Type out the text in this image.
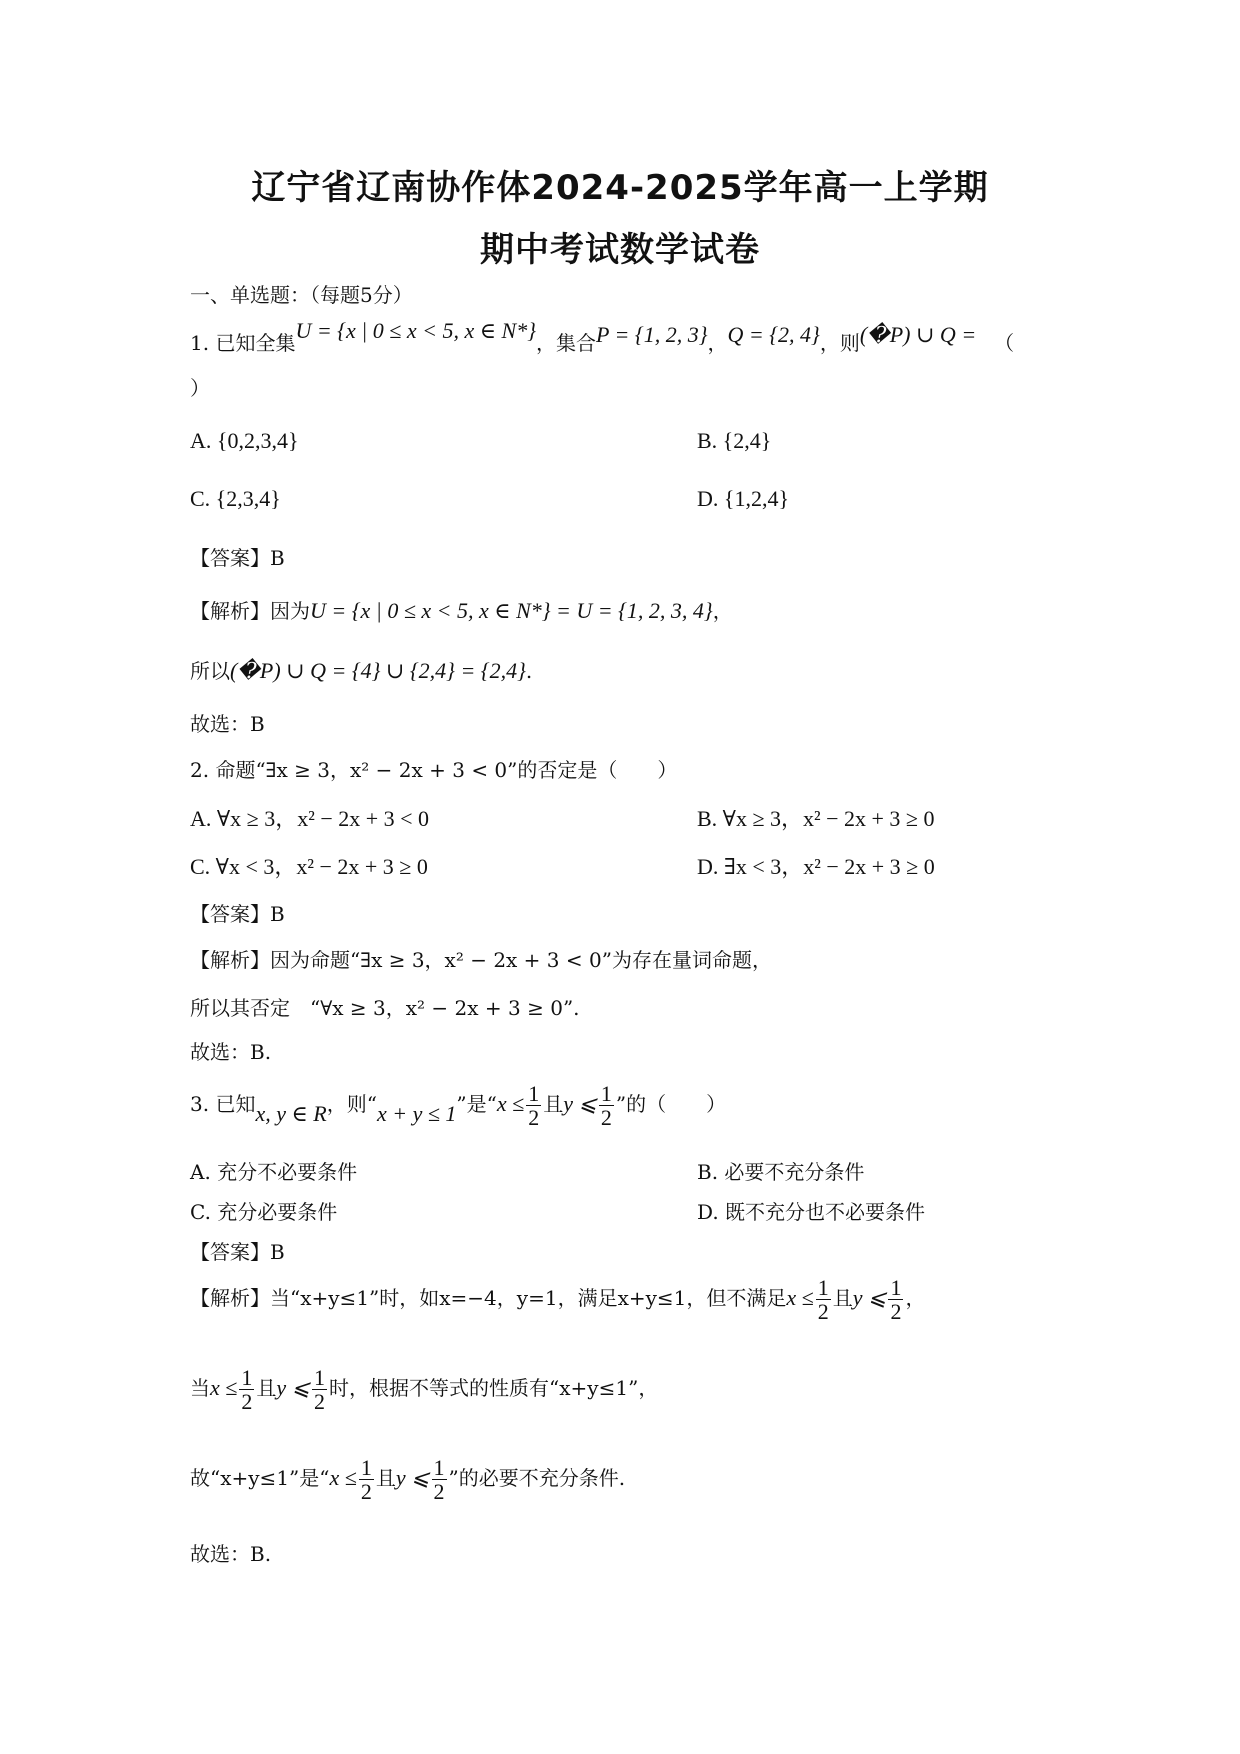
辽宁省辽南协作体2024-2025学年高一上学期
期中考试数学试卷
一、单选题：（每题5分）
1. 已知全集U = {x | 0 ≤ x < 5, x ∈ N*}，集合P = {1, 2, 3}，Q = {2, 4}，则(�P) ∪ Q = （
）
A. {0,2,3,4}	B. {2,4}
C. {2,3,4}	D. {1,2,4}
【答案】B
【解析】因为U = {x | 0 ≤ x < 5, x ∈ N*} = U = {1, 2, 3, 4}，
所以(�P) ∪ Q = {4} ∪ {2,4} = {2,4}.
故选：B
2. 命题“∃x ≥ 3，x² − 2x + 3 < 0”的否定是（　　）
A. ∀x ≥ 3，x² − 2x + 3 < 0	B. ∀x ≥ 3，x² − 2x + 3 ≥ 0
C. ∀x < 3，x² − 2x + 3 ≥ 0	D. ∃x < 3，x² − 2x + 3 ≥ 0
【答案】B
【解析】因为命题“∃x ≥ 3，x² − 2x + 3 < 0”为存在量词命题，
所以其否定　“∀x ≥ 3，x² − 2x + 3 ≥ 0”.
故选：B.
3. 已知x, y ∈ R，则“x + y ≤ 1”是“$x \le \frac{1}{2}$ 且y ⩽ $\frac{1}{2}$ ”的（　　）
A. 充分不必要条件	B. 必要不充分条件
C. 充分必要条件	D. 既不充分也不必要条件
【答案】B
【解析】当“x+y≤1”时，如x=−4，y=1，满足x+y≤1，但不满足$x \le \frac{1}{2}$ 且y ⩽ $\frac{1}{2}$ ，
当$x \le \frac{1}{2}$ 且y ⩽ $\frac{1}{2}$ 时，根据不等式的性质有“x+y≤1”，
故“x+y≤1”是“$x \le \frac{1}{2}$ 且y ⩽ $\frac{1}{2}$ ”的必要不充分条件.
故选：B.
